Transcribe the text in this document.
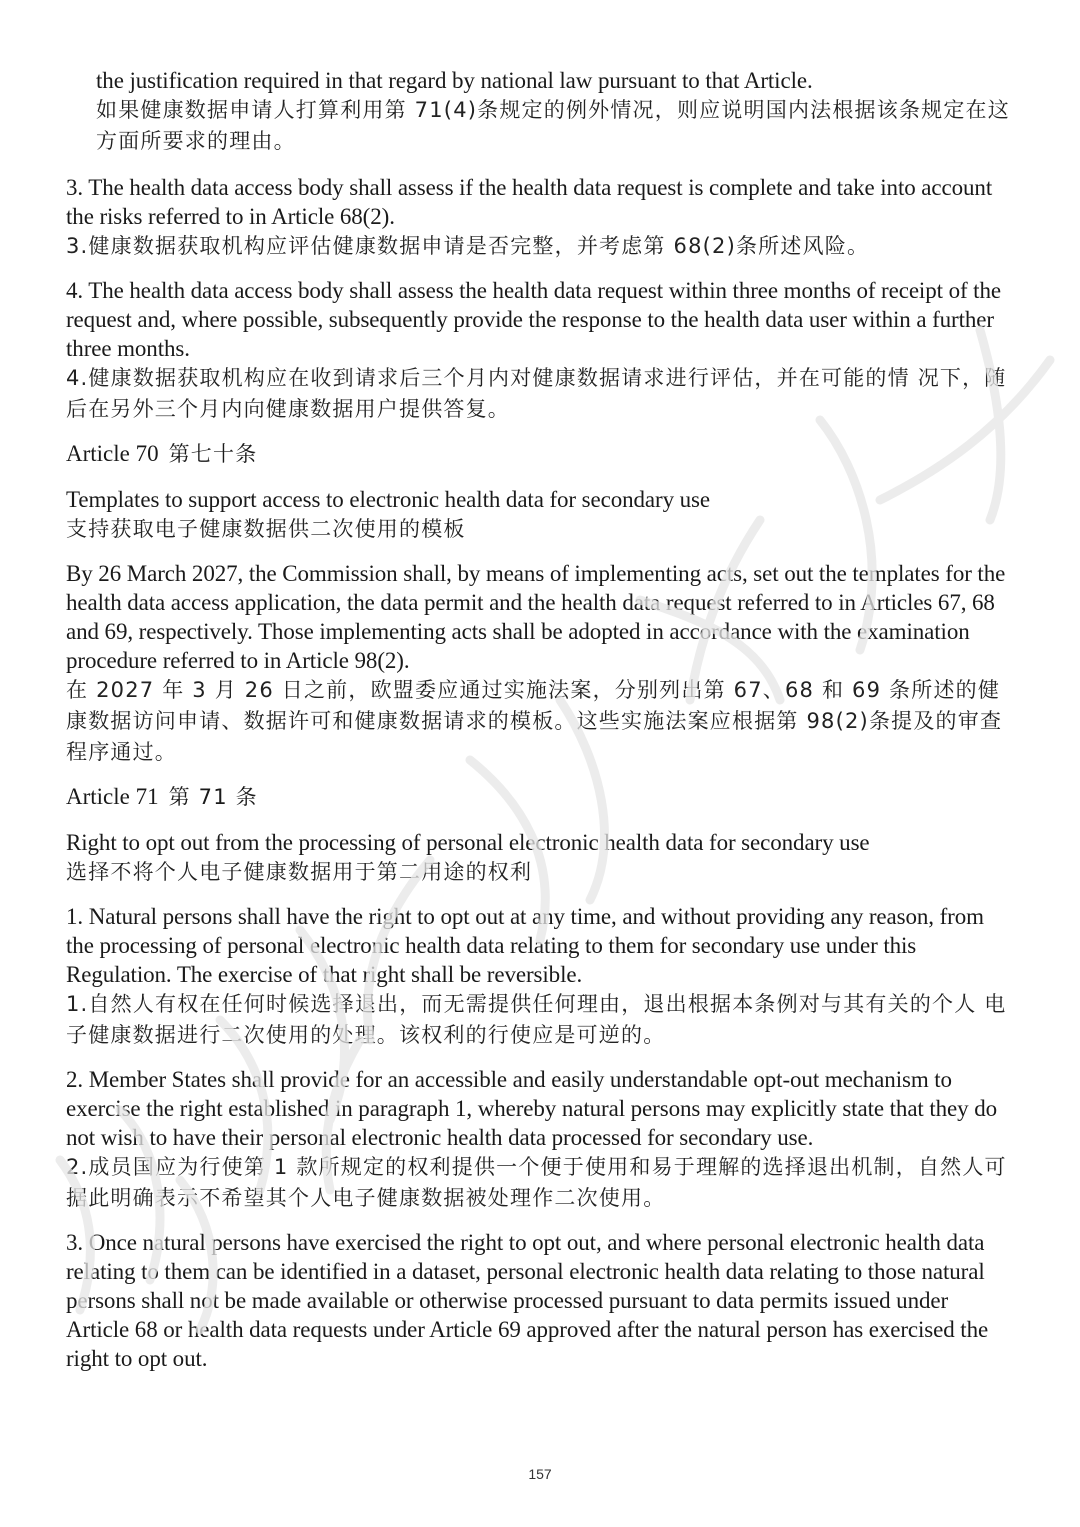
the justification required in that regard by national law pursuant to that Article.

如果健康数据申请人打算利用第 71(4)条规定的例外情况，则应说明国内法根据该条规定在这方面所要求的理由。

3. The health data access body shall assess if the health data request is complete and take into account the risks referred to in Article 68(2).

3.健康数据获取机构应评估健康数据申请是否完整，并考虑第 68(2)条所述风险。

4. The health data access body shall assess the health data request within three months of receipt of the request and, where possible, subsequently provide the response to the health data user within a further three months.

4.健康数据获取机构应在收到请求后三个月内对健康数据请求进行评估，并在可能的情 况下，随后在另外三个月内向健康数据用户提供答复。

Article 70 第七十条

Templates to support access to electronic health data for secondary use

支持获取电子健康数据供二次使用的模板

By 26 March 2027, the Commission shall, by means of implementing acts, set out the templates for the health data access application, the data permit and the health data request referred to in Articles 67, 68 and 69, respectively. Those implementing acts shall be adopted in accordance with the examination procedure referred to in Article 98(2).

在 2027 年 3 月 26 日之前，欧盟委应通过实施法案，分别列出第 67、68 和 69 条所述的健康数据访问申请、数据许可和健康数据请求的模板。这些实施法案应根据第 98(2)条提及的审查程序通过。

Article 71 第 71 条

Right to opt out from the processing of personal electronic health data for secondary use

选择不将个人电子健康数据用于第二用途的权利

1. Natural persons shall have the right to opt out at any time, and without providing any reason, from the processing of personal electronic health data relating to them for secondary use under this Regulation. The exercise of that right shall be reversible.

1.自然人有权在任何时候选择退出，而无需提供任何理由，退出根据本条例对与其有关的个人 电子健康数据进行二次使用的处理。该权利的行使应是可逆的。

2. Member States shall provide for an accessible and easily understandable opt-out mechanism to exercise the right established in paragraph 1, whereby natural persons may explicitly state that they do not wish to have their personal electronic health data processed for secondary use.

2.成员国应为行使第 1 款所规定的权利提供一个便于使用和易于理解的选择退出机制，自然人可据此明确表示不希望其个人电子健康数据被处理作二次使用。

3. Once natural persons have exercised the right to opt out, and where personal electronic health data relating to them can be identified in a dataset, personal electronic health data relating to those natural persons shall not be made available or otherwise processed pursuant to data permits issued under Article 68 or health data requests under Article 69 approved after the natural person has exercised the right to opt out.

157
